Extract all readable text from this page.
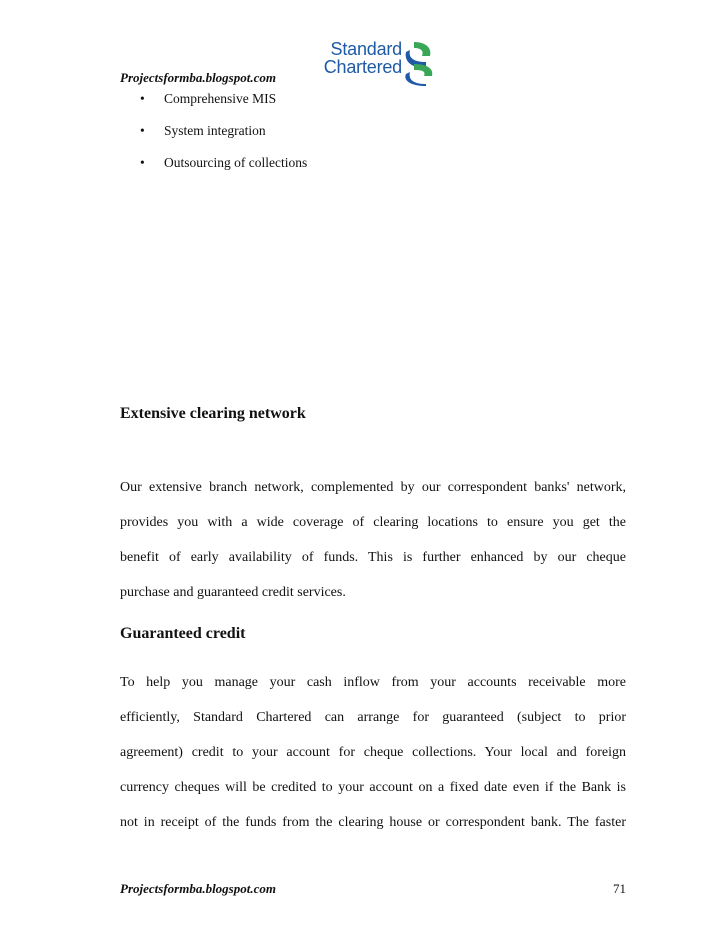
Standard
Chartered
Projectsformba.blogspot.com
• Comprehensive MIS
• System integration
• Outsourcing of collections
Extensive clearing network
Our extensive branch network, complemented by our correspondent banks' network,
provides you with a wide coverage of clearing locations to ensure you get the
benefit of early availability of funds. This is further enhanced by our cheque
purchase and guaranteed credit services.
Guaranteed credit
To help you manage your cash inflow from your accounts receivable more
efficiently, Standard Chartered can arrange for guaranteed (subject to prior
agreement) credit to your account for cheque collections. Your local and foreign
currency cheques will be credited to your account on a fixed date even if the Bank is
not in receipt of the funds from the clearing house or correspondent bank. The faster
Projectsformba.blogspot.com	71
